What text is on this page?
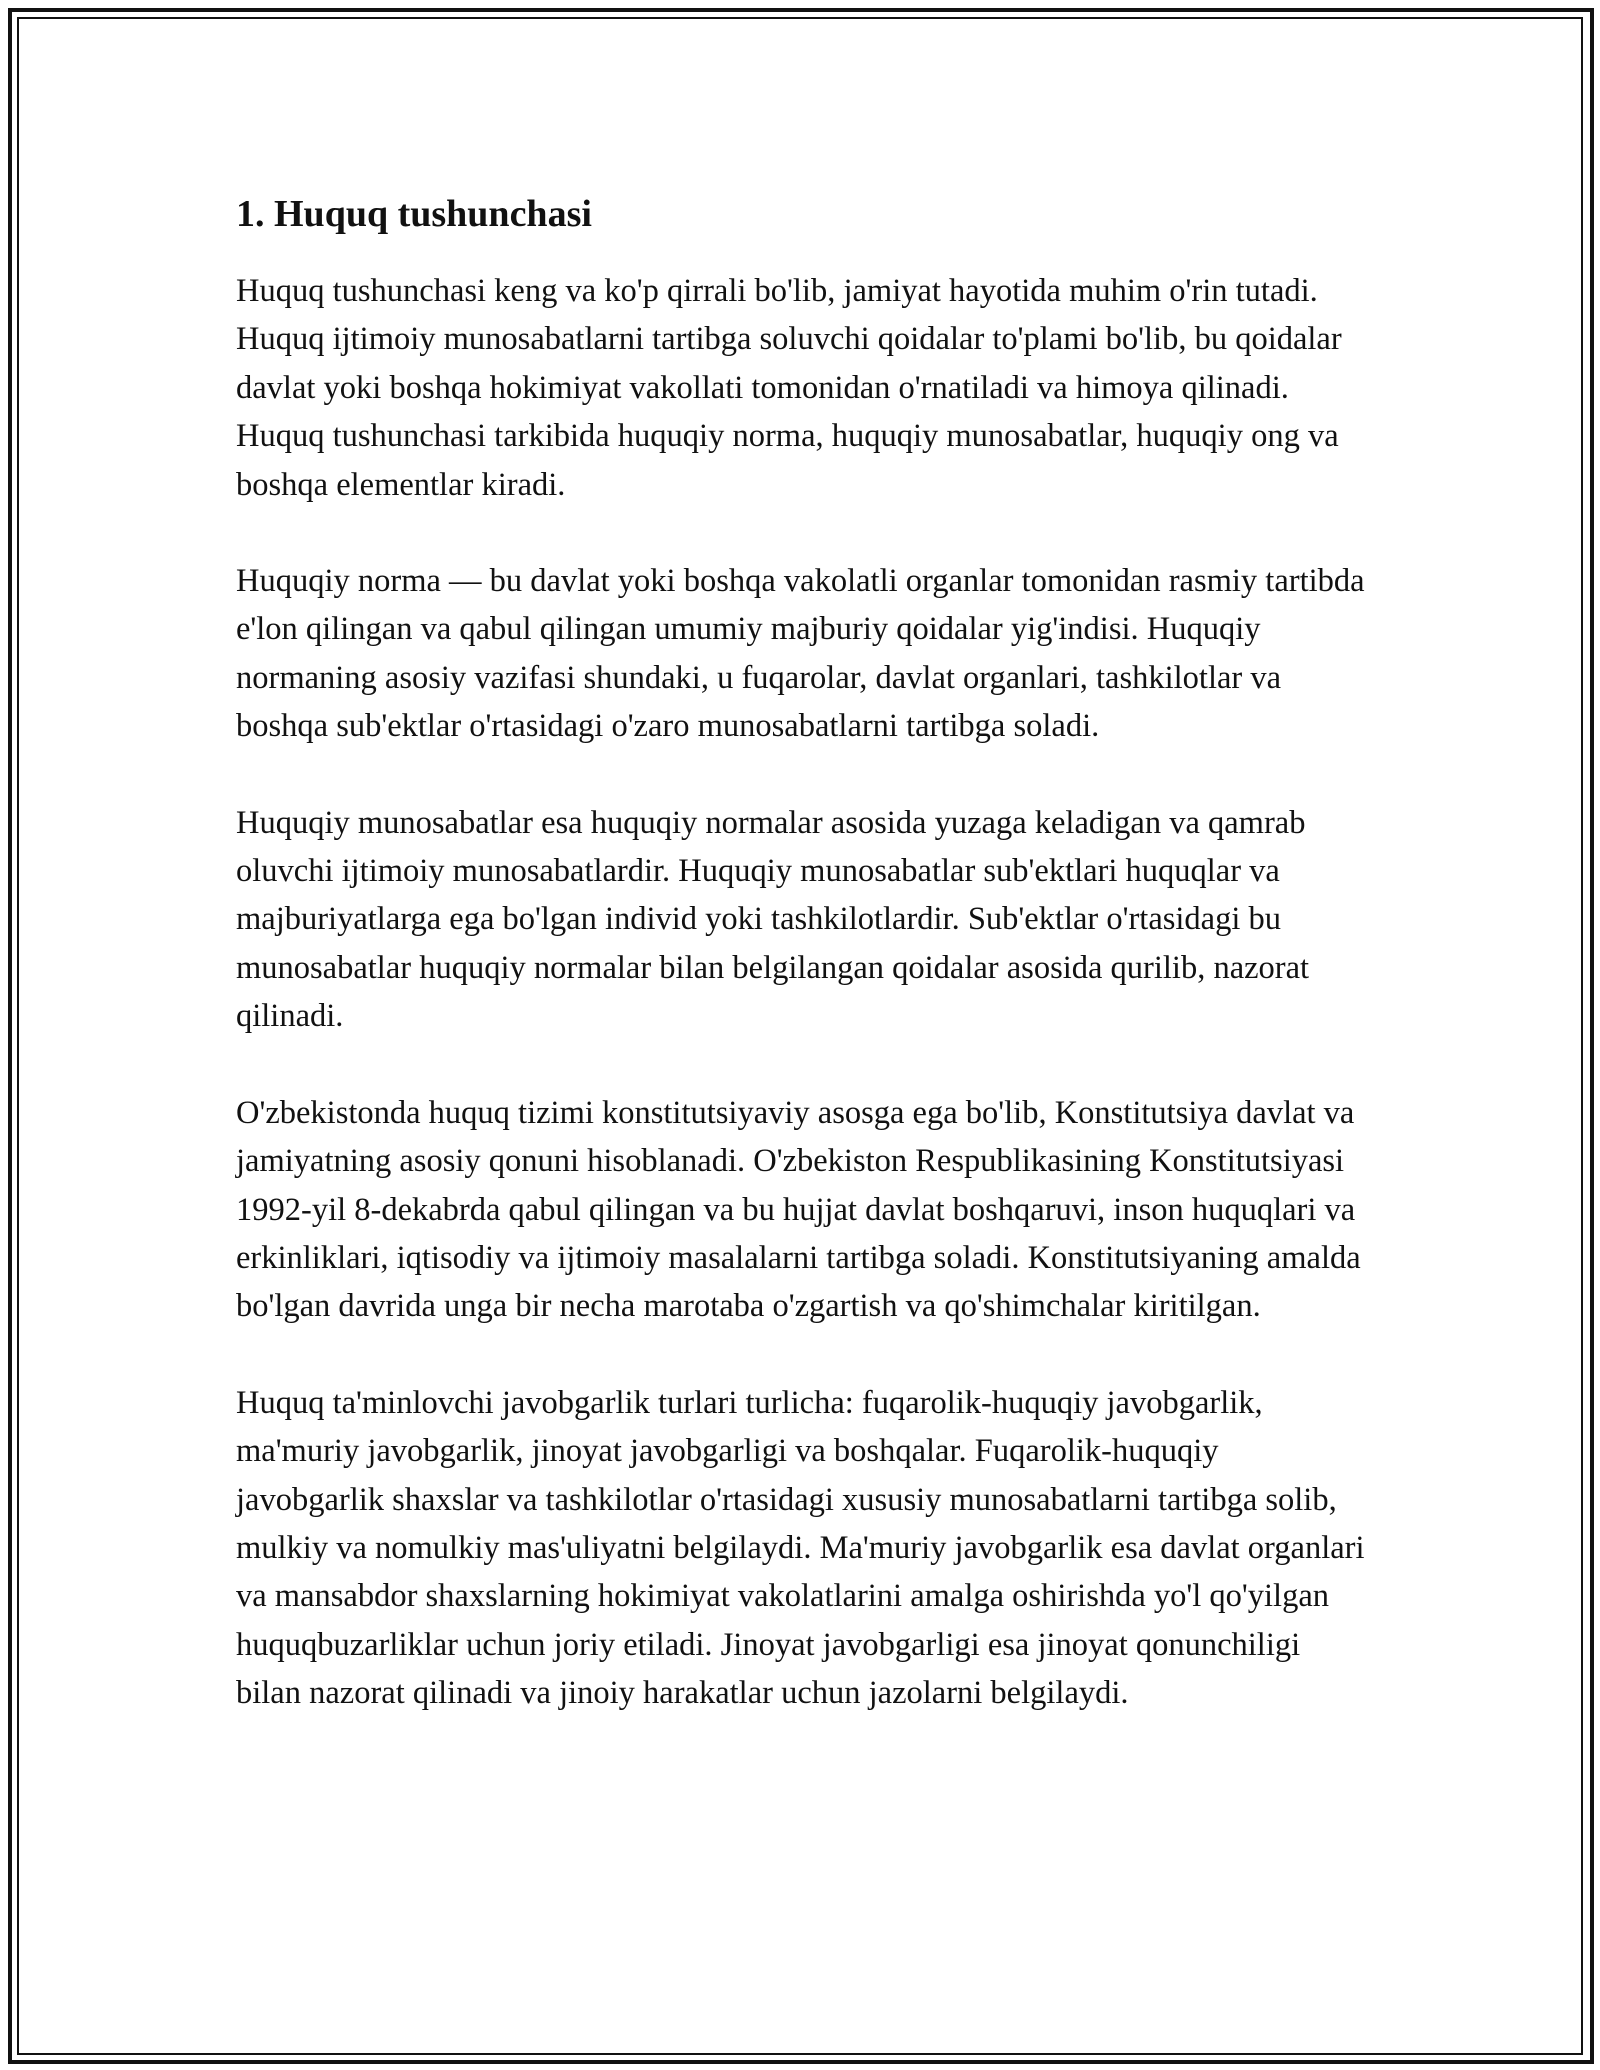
1. Huquq tushunchasi

Huquq tushunchasi keng va ko'p qirrali bo'lib, jamiyat hayotida muhim o'rin tutadi. Huquq ijtimoiy munosabatlarni tartibga soluvchi qoidalar to'plami bo'lib, bu qoidalar davlat yoki boshqa hokimiyat vakollati tomonidan o'rnatiladi va himoya qilinadi. Huquq tushunchasi tarkibida huquqiy norma, huquqiy munosabatlar, huquqiy ong va boshqa elementlar kiradi.

Huquqiy norma — bu davlat yoki boshqa vakolatli organlar tomonidan rasmiy tartibda e'lon qilingan va qabul qilingan umumiy majburiy qoidalar yig'indisi. Huquqiy normaning asosiy vazifasi shundaki, u fuqarolar, davlat organlari, tashkilotlar va boshqa sub'ektlar o'rtasidagi o'zaro munosabatlarni tartibga soladi.

Huquqiy munosabatlar esa huquqiy normalar asosida yuzaga keladigan va qamrab oluvchi ijtimoiy munosabatlardir. Huquqiy munosabatlar sub'ektlari huquqlar va majburiyatlarga ega bo'lgan individ yoki tashkilotlardir. Sub'ektlar o'rtasidagi bu munosabatlar huquqiy normalar bilan belgilangan qoidalar asosida qurilib, nazorat qilinadi.

O'zbekistonda huquq tizimi konstitutsiyaviy asosga ega bo'lib, Konstitutsiya davlat va jamiyatning asosiy qonuni hisoblanadi. O'zbekiston Respublikasining Konstitutsiyasi 1992-yil 8-dekabrda qabul qilingan va bu hujjat davlat boshqaruvi, inson huquqlari va erkinliklari, iqtisodiy va ijtimoiy masalalarni tartibga soladi. Konstitutsiyaning amalda bo'lgan davrida unga bir necha marotaba o'zgartish va qo'shimchalar kiritilgan.

Huquq ta'minlovchi javobgarlik turlari turlicha: fuqarolik-huquqiy javobgarlik, ma'muriy javobgarlik, jinoyat javobgarligi va boshqalar. Fuqarolik-huquqiy javobgarlik shaxslar va tashkilotlar o'rtasidagi xususiy munosabatlarni tartibga solib, mulkiy va nomulkiy mas'uliyatni belgilaydi. Ma'muriy javobgarlik esa davlat organlari va mansabdor shaxslarning hokimiyat vakolatlarini amalga oshirishda yo'l qo'yilgan huquqbuzarliklar uchun joriy etiladi. Jinoyat javobgarligi esa jinoyat qonunchiligi bilan nazorat qilinadi va jinoiy harakatlar uchun jazolarni belgilaydi.
